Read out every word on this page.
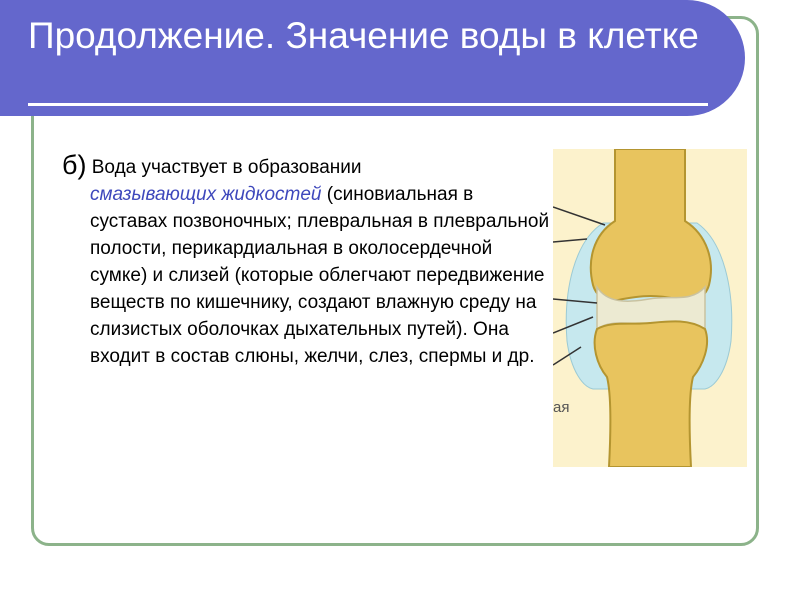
Продолжение. Значение воды в клетке
б) Вода участвует в образовании
смазывающих жидкостей (синовиальная в суставах позвоночных; плевральная в плевральной полости, перикардиальная в околосердечной сумке) и слизей (которые облегчают передвижение веществ по кишечнику, создают влажную среду на слизистых оболочках дыхательных путей). Она входит в состав слюны, желчи, слез, спермы и др.
ая
